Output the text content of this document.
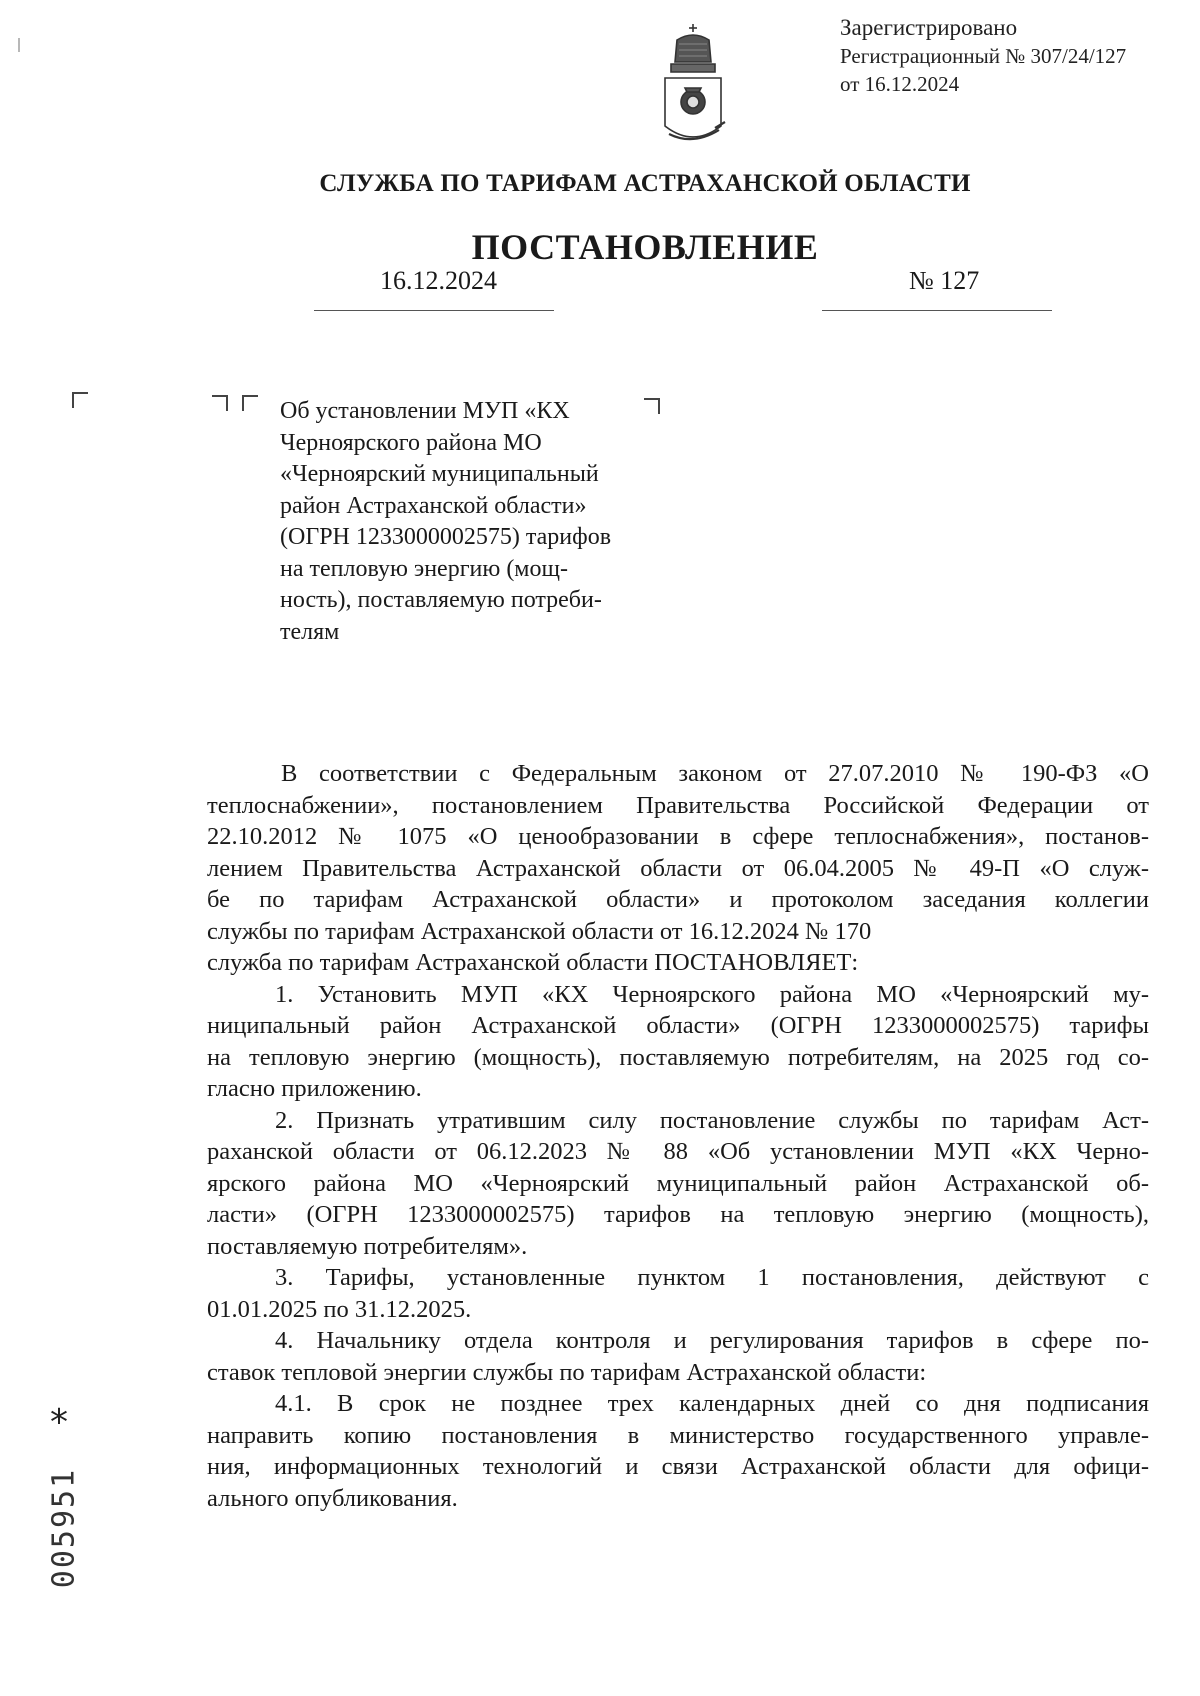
Зарегистрировано
Регистрационный № 307/24/127
от 16.12.2024
СЛУЖБА ПО ТАРИФАМ АСТРАХАНСКОЙ ОБЛАСТИ
ПОСТАНОВЛЕНИЕ
16.12.2024	№ 127
Об установлении МУП «КХ
Черноярского района МО
«Черноярский муниципальный
район Астраханской области»
(ОГРН 1233000002575) тарифов
на тепловую энергию (мощ-
ность), поставляемую потреби-
телям
В соответствии с Федеральным законом от 27.07.2010 № 190-ФЗ «О
теплоснабжении», постановлением Правительства Российской Федерации от
22.10.2012 № 1075 «О ценообразовании в сфере теплоснабжения», постанов-
лением Правительства Астраханской области от 06.04.2005 № 49-П «О служ-
бе по тарифам Астраханской области» и протоколом заседания коллегии
службы по тарифам Астраханской области от 16.12.2024 № 170
служба по тарифам Астраханской области ПОСТАНОВЛЯЕТ:
1. Установить МУП «КХ Черноярского района МО «Черноярский му-
ниципальный район Астраханской области» (ОГРН 1233000002575) тарифы
на тепловую энергию (мощность), поставляемую потребителям, на 2025 год со-
гласно приложению.
2. Признать утратившим силу постановление службы по тарифам Аст-
раханской области от 06.12.2023 № 88 «Об установлении МУП «КХ Черно-
ярского района МО «Черноярский муниципальный район Астраханской об-
ласти» (ОГРН 1233000002575) тарифов на тепловую энергию (мощность),
поставляемую потребителям».
3. Тарифы, установленные пунктом 1 постановления, действуют с
01.01.2025 по 31.12.2025.
4. Начальнику отдела контроля и регулирования тарифов в сфере по-
ставок тепловой энергии службы по тарифам Астраханской области:
4.1. В срок не позднее трех календарных дней со дня подписания
направить копию постановления в министерство государственного управле-
ния, информационных технологий и связи Астраханской области для офици-
ального опубликования.
*
005951
